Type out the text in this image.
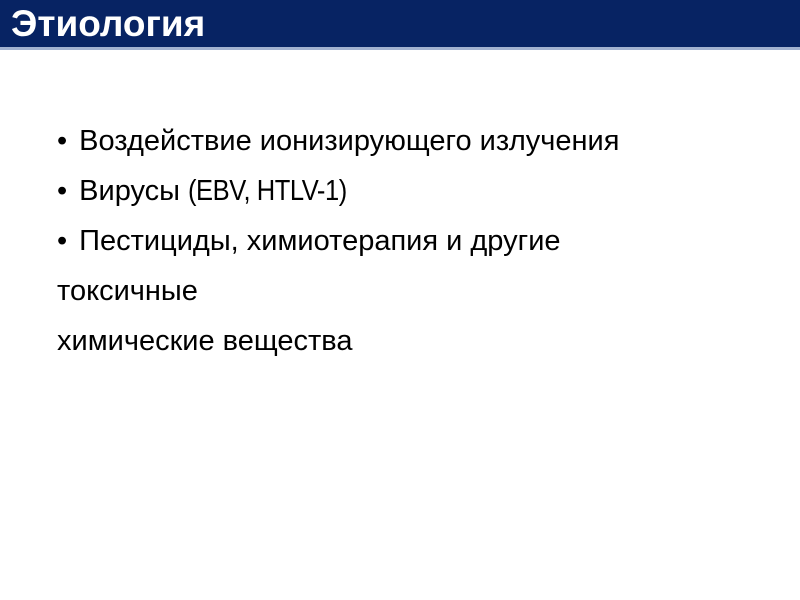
Этиология
• Воздействие ионизирующего излучения
• Вирусы (EBV, HTLV-1)
• Пестициды, химиотерапия и другие
токсичные
химические вещества
